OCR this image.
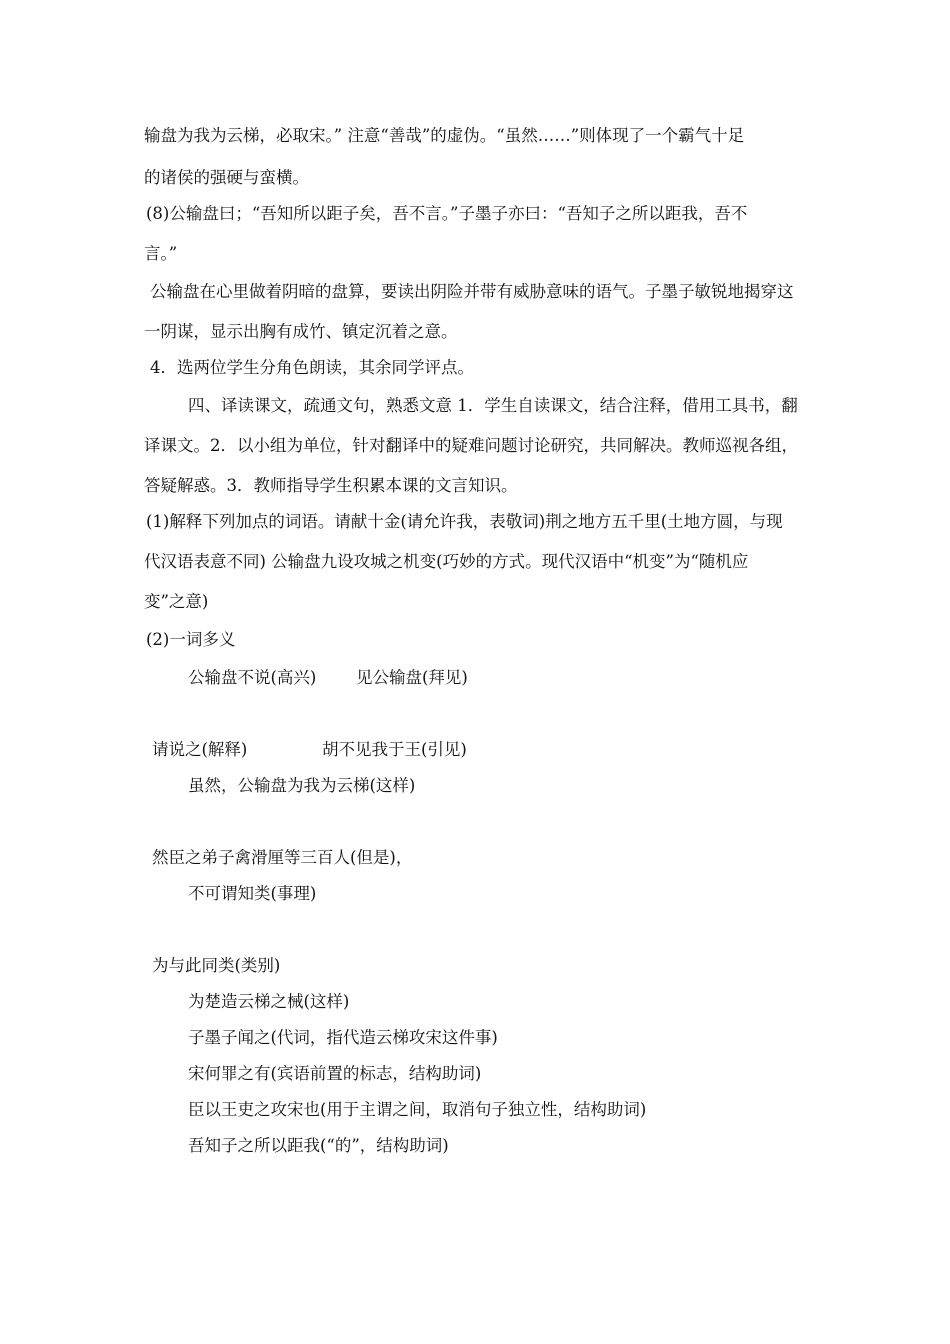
输盘为我为云梯，必取宋。” 注意“善哉”的虚伪。“虽然……”则体现了一个霸气十足
的诸侯的强硬与蛮横。
(8)公输盘曰；“吾知所以距子矣，吾不言。”子墨子亦曰：“吾知子之所以距我，吾不
言。”
公输盘在心里做着阴暗的盘算，要读出阴险并带有威胁意味的语气。子墨子敏锐地揭穿这
一阴谋，显示出胸有成竹、镇定沉着之意。
4．选两位学生分角色朗读，其余同学评点。
四、译读课文，疏通文句，熟悉文意 1．学生自读课文，结合注释，借用工具书，翻
译课文。2．以小组为单位，针对翻译中的疑难问题讨论研究，共同解决。教师巡视各组，
答疑解惑。3．教师指导学生积累本课的文言知识。
(1)解释下列加点的词语。请献十金(请允许我，表敬词)荆之地方五千里(土地方圆，与现
代汉语表意不同) 公输盘九设攻城之机变(巧妙的方式。现代汉语中“机变”为“随机应
变”之意)
(2)一词多义
公输盘不说(高兴) 见公输盘(拜见)
请说之(解释)	胡不见我于王(引见)
虽然，公输盘为我为云梯(这样)
然臣之弟子禽滑厘等三百人(但是)，
不可谓知类(事理)
为与此同类(类别)
为楚造云梯之械(这样)
子墨子闻之(代词，指代造云梯攻宋这件事)
宋何罪之有(宾语前置的标志，结构助词)
臣以王吏之攻宋也(用于主谓之间，取消句子独立性，结构助词)
吾知子之所以距我(“的”，结构助词)
